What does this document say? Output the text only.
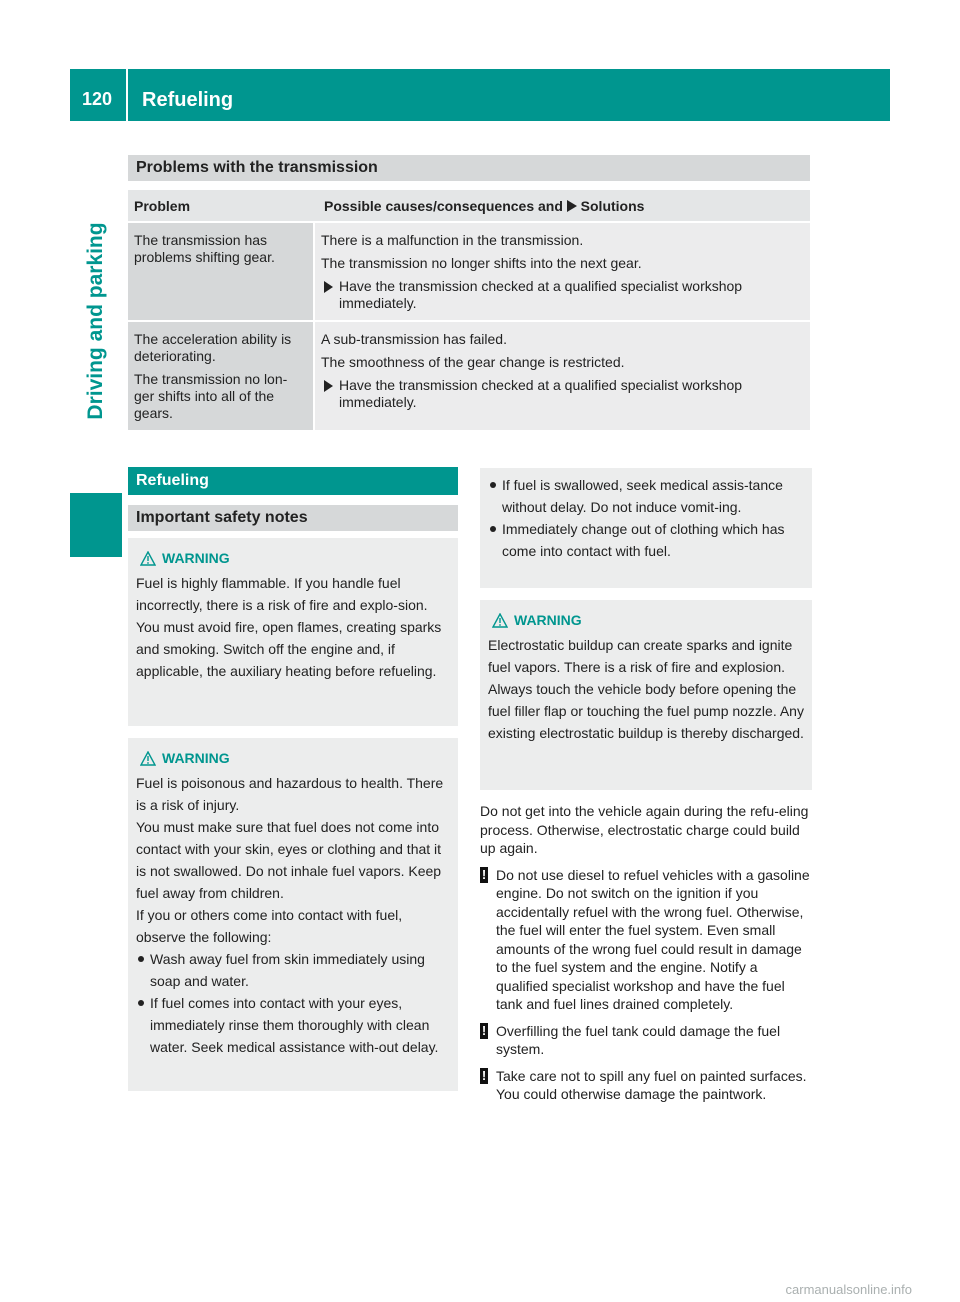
120	Refueling
Driving and parking
Problems with the transmission
Problem	Possible causes/consequences and Solutions

The transmission has problems shifting gear.

There is a malfunction in the transmission.

The transmission no longer shifts into the next gear.

Have the transmission checked at a qualified specialist workshop immediately.

The acceleration ability is deteriorating.

The transmission no lon-ger shifts into all of the gears.

A sub-transmission has failed.

The smoothness of the gear change is restricted.

Have the transmission checked at a qualified specialist workshop immediately.
Refueling
Important safety notes
WARNING

Fuel is highly flammable. If you handle fuel incorrectly, there is a risk of fire and explo-sion.

You must avoid fire, open flames, creating sparks and smoking. Switch off the engine and, if applicable, the auxiliary heating before refueling.

WARNING

Fuel is poisonous and hazardous to health. There is a risk of injury.

You must make sure that fuel does not come into contact with your skin, eyes or clothing and that it is not swallowed. Do not inhale fuel vapors. Keep fuel away from children.

If you or others come into contact with fuel, observe the following:

Wash away fuel from skin immediately using soap and water.
If fuel comes into contact with your eyes, immediately rinse them thoroughly with clean water. Seek medical assistance with-out delay.
If fuel is swallowed, seek medical assis-tance without delay. Do not induce vomit-ing.
Immediately change out of clothing which has come into contact with fuel.
WARNING

Electrostatic buildup can create sparks and ignite fuel vapors. There is a risk of fire and explosion.

Always touch the vehicle body before opening the fuel filler flap or touching the fuel pump nozzle. Any existing electrostatic buildup is thereby discharged.

Do not get into the vehicle again during the refu-eling process. Otherwise, electrostatic charge could build up again.

! Do not use diesel to refuel vehicles with a gasoline engine. Do not switch on the ignition if you accidentally refuel with the wrong fuel. Otherwise, the fuel will enter the fuel system. Even small amounts of the wrong fuel could result in damage to the fuel system and the engine. Notify a qualified specialist workshop and have the fuel tank and fuel lines drained completely.
! Overfilling the fuel tank could damage the fuel system.
! Take care not to spill any fuel on painted surfaces. You could otherwise damage the paintwork.
carmanualsonline.info
